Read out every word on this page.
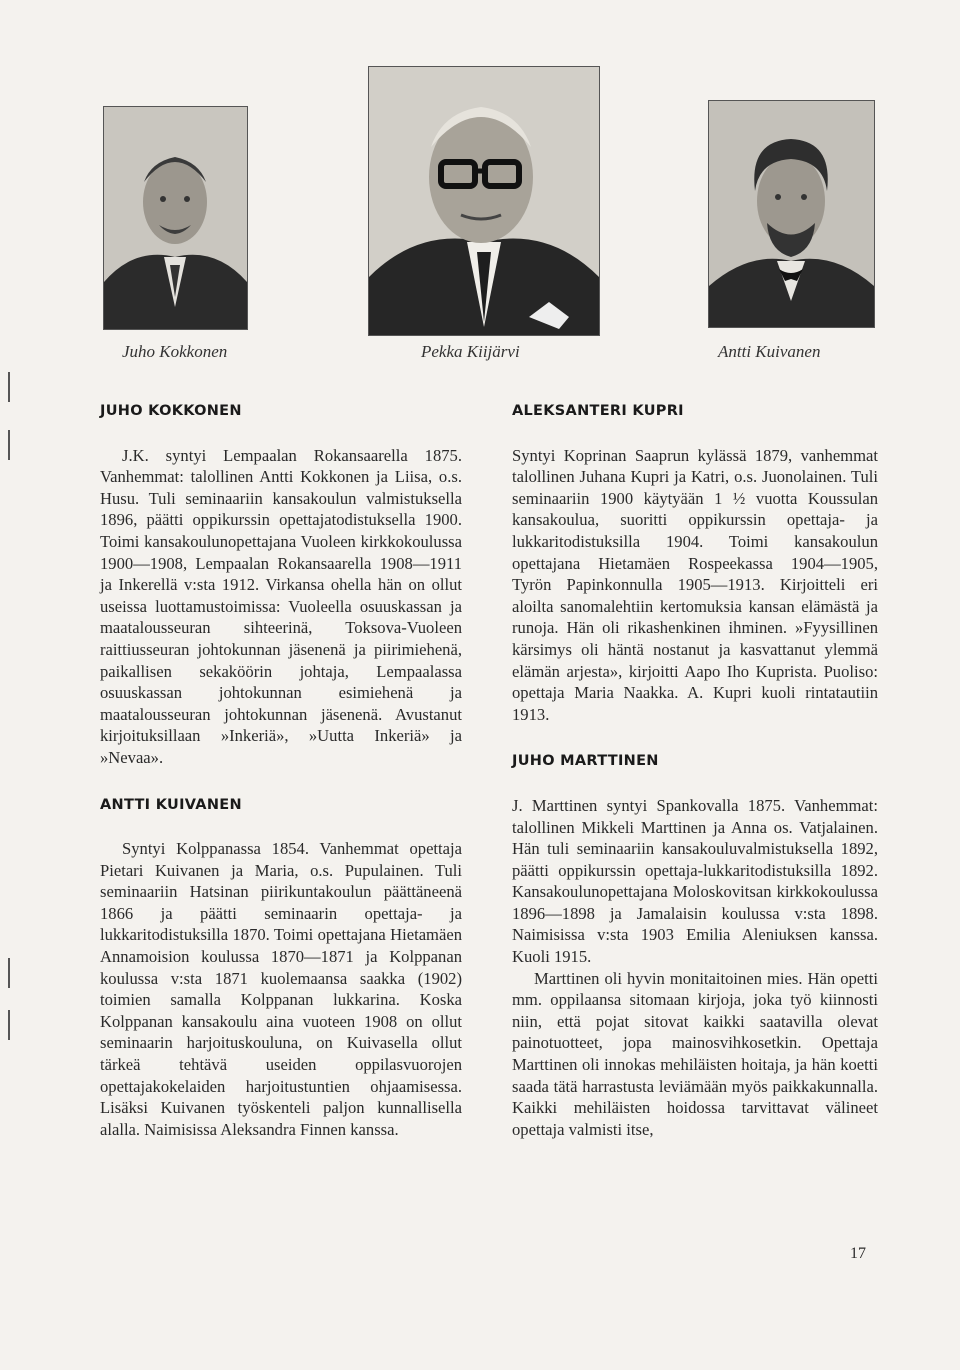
Juho Kokkonen	Pekka Kiijärvi	Antti Kuivanen
JUHO KOKKONEN

J.K. syntyi Lempaalan Rokansaarella 1875. Vanhemmat: talollinen Antti Kokkonen ja Liisa, o.s. Husu. Tuli seminaariin kansakoulun valmistuksella 1896, päätti oppikurssin opettajatodistuksella 1900. Toimi kansakoulunopettajana Vuoleen kirkkokoulussa 1900—1908, Lempaalan Rokansaarella 1908—1911 ja Inkerellä v:sta 1912. Virkansa ohella hän on ollut useissa luottamustoimissa: Vuoleella osuuskassan ja maatalousseuran sihteerinä, Toksova-Vuoleen raittiusseuran johtokunnan jäsenenä ja piirimiehenä, paikallisen sekaköörin johtaja, Lempaalassa osuuskassan johtokunnan esimiehenä ja maatalousseuran johtokunnan jäsenenä. Avustanut kirjoituksillaan »Inkeriä», »Uutta Inkeriä» ja »Nevaa».

ANTTI KUIVANEN

Syntyi Kolppanassa 1854. Vanhemmat opettaja Pietari Kuivanen ja Maria, o.s. Pupulainen. Tuli seminaariin Hatsinan piirikuntakoulun päättäneenä 1866 ja päätti seminaarin opettaja- ja lukkaritodistuksilla 1870. Toimi opettajana Hietamäen Annamoision koulussa 1870—1871 ja Kolppanan koulussa v:sta 1871 kuolemaansa saakka (1902) toimien samalla Kolppanan lukkarina. Koska Kolppanan kansakoulu aina vuoteen 1908 on ollut seminaarin harjoituskouluna, on Kuivasella ollut tärkeä tehtävä useiden oppilasvuorojen opettajakokelaiden harjoitustuntien ohjaamisessa. Lisäksi Kuivanen työskenteli paljon kunnallisella alalla. Naimisissa Aleksandra Finnen kanssa.

ALEKSANTERI KUPRI

Syntyi Koprinan Saaprun kylässä 1879, vanhemmat talollinen Juhana Kupri ja Katri, o.s. Juonolainen. Tuli seminaariin 1900 käytyään 1 ½ vuotta Koussulan kansakoulua, suoritti oppikurssin opettaja- ja lukkaritodistuksilla 1904. Toimi kansakoulun opettajana Hietamäen Rospeekassa 1904—1905, Tyrön Papinkonnulla 1905—1913. Kirjoitteli eri aloilta sanomalehtiin kertomuksia kansan elämästä ja runoja. Hän oli rikashenkinen ihminen. »Fyysillinen kärsimys oli häntä nostanut ja kasvattanut ylemmä elämän arjesta», kirjoitti Aapo Iho Kuprista. Puoliso: opettaja Maria Naakka. A. Kupri kuoli rintatautiin 1913.

JUHO MARTTINEN

J. Marttinen syntyi Spankovalla 1875. Vanhemmat: talollinen Mikkeli Marttinen ja Anna os. Vatjalainen. Hän tuli seminaariin kansakouluvalmistuksella 1892, päätti oppikurssin opettaja-lukkaritodistuksilla 1892. Kansakoulunopettajana Moloskovitsan kirkkokoulussa 1896—1898 ja Jamalaisin koulussa v:sta 1898. Naimisissa v:sta 1903 Emilia Aleniuksen kanssa. Kuoli 1915.

Marttinen oli hyvin monitaitoinen mies. Hän opetti mm. oppilaansa sitomaan kirjoja, joka työ kiinnosti niin, että pojat sitovat kaikki saatavilla olevat painotuotteet, jopa mainosvihkosetkin. Opettaja Marttinen oli innokas mehiläisten hoitaja, ja hän koetti saada tätä harrastusta leviämään myös paikkakunnalla. Kaikki mehiläisten hoidossa tarvittavat välineet opettaja valmisti itse,

17
